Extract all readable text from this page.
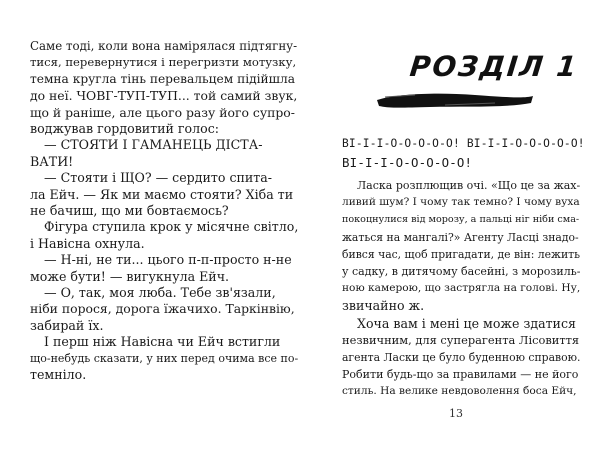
Саме тоді, коли вона намірялася підтягну-

тися, перевернутися і перегризти мотузку,

темна кругла тінь перевальцем підійшла

до неї. ЧОВГ-ТУП-ТУП... той самий звук,

що й раніше, але цього разу його супро-

воджував гордовитий голос:

— СТОЯТИ І ГАМАНЕЦЬ ДІСТА-

ВАТИ!

— Стояти і ЩО? — сердито спита-

ла Ейч. — Як ми маємо стояти? Хіба ти

не бачиш, що ми бовтаємось?

Фігура ступила крок у місячне світло,

і Навісна охнула.

— Н-ні, не ти... цього п-п-просто н-не

може бути! — вигукнула Ейч.

— О, так, моя люба. Тебе зв'язали,

ніби порося, дорога їжачихо. Таркінвію,

забирай їх.

І перш ніж Навісна чи Ейч встигли

що-небудь сказати, у них перед очима все по-

темніло.

РОЗДІЛ 1
ВІ-І-І-О-О-О-О-О! ВІ-І-І-О-О-О-О-О!
ВІ-І-І-О-О-О-О-О!

Ласка розплющив очі. «Що це за жах-

ливий шум? І чому так темно? І чому вуха

покоцнулися від морозу, а пальці ніг ніби сма-

жаться на мангалі?» Агенту Ласці знадо-

бився час, щоб пригадати, де він: лежить

у садку, в дитячому басейні, з морозиль-

ною камерою, що застрягла на голові. Ну,

звичайно ж.

Хоча вам і мені це може здатися

незвичним, для суперагента Лісовиття

агента Ласки це було буденною справою.

Робити будь-що за правилами — не його

стиль. На велике невдоволення боса Ейч,

13
